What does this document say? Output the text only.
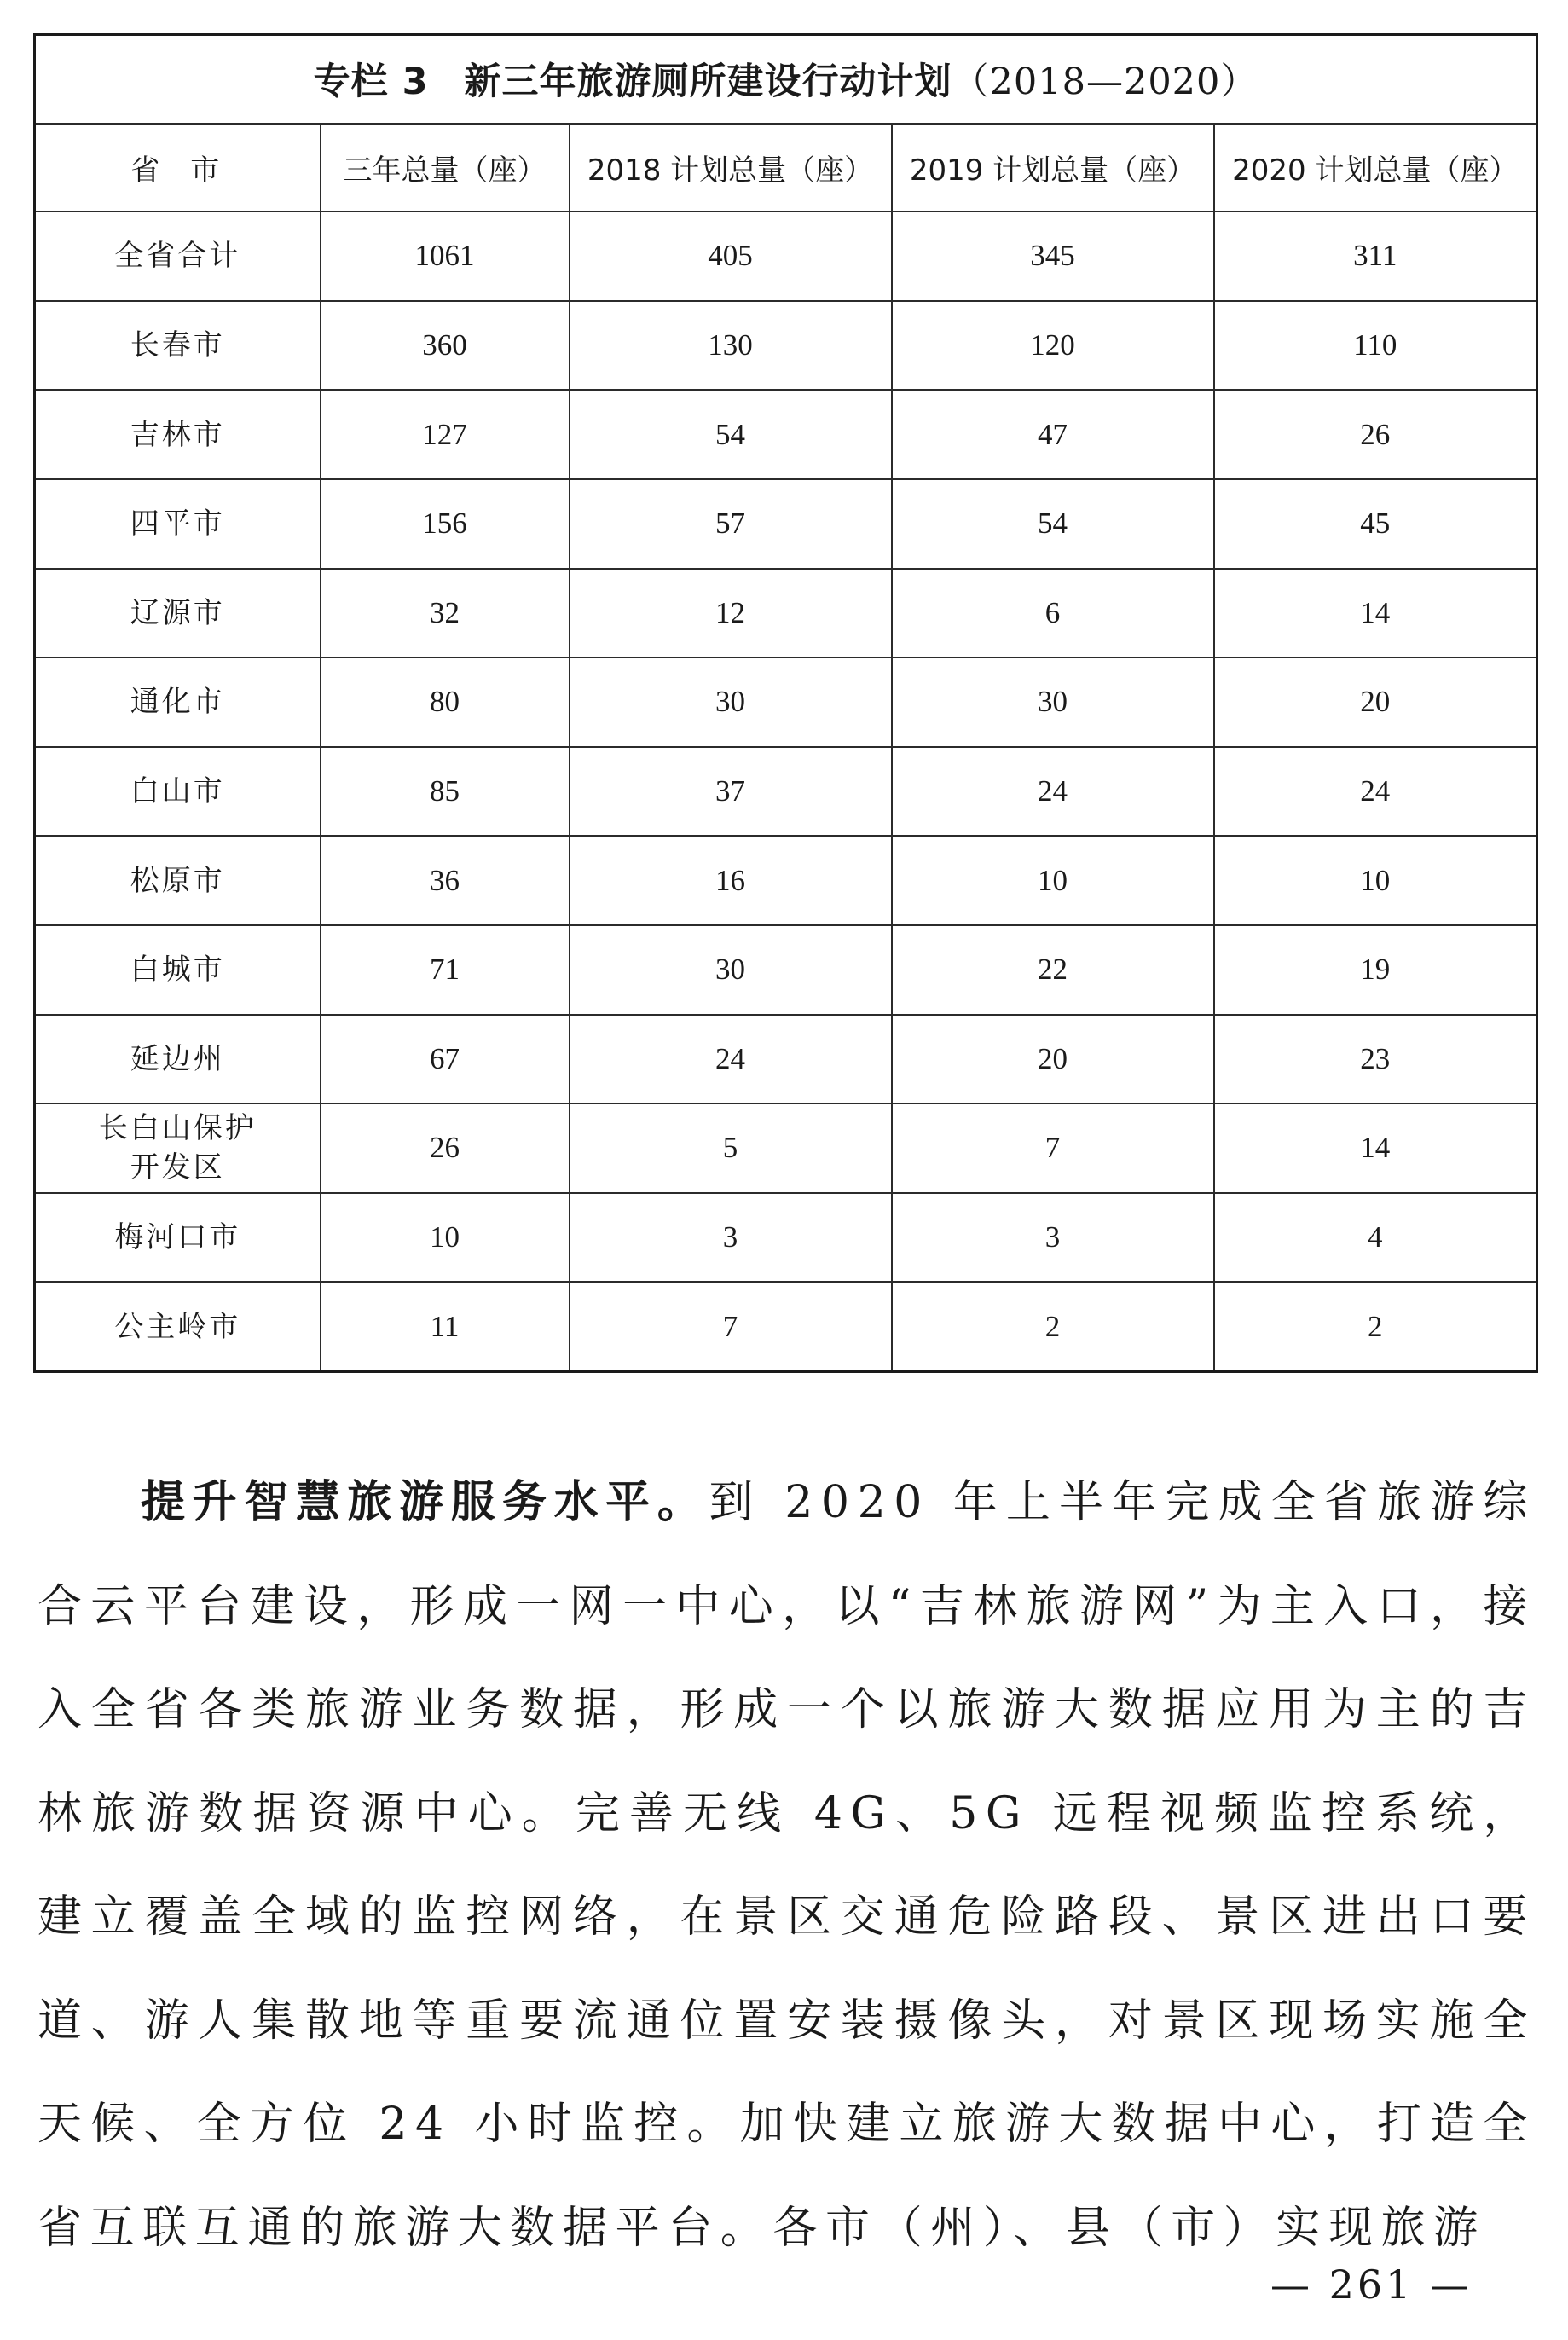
专栏 3 新三年旅游厕所建设行动计划（2018—2020）				
省市	三年总量（座）	2018 计划总量（座）	2019 计划总量（座）	2020 计划总量（座）
全省合计	1061	405	345	311
长春市	360	130	120	110
吉林市	127	54	47	26
四平市	156	57	54	45
辽源市	32	12	6	14
通化市	80	30	30	20
白山市	85	37	24	24
松原市	36	16	10	10
白城市	71	30	22	19
延边州	67	24	20	23
长白山保护
开发区	26	5	7	14
梅河口市	10	3	3	4
公主岭市	11	7	2	2

提升智慧旅游服务水平。到 2020 年上半年完成全省旅游综合云平台建设，形成一网一中心，以“吉林旅游网”为主入口，接入全省各类旅游业务数据，形成一个以旅游大数据应用为主的吉林旅游数据资源中心。完善无线 4G、5G 远程视频监控系统，建立覆盖全域的监控网络，在景区交通危险路段、景区进出口要道、游人集散地等重要流通位置安装摄像头，对景区现场实施全天候、全方位 24 小时监控。加快建立旅游大数据中心，打造全省互联互通的旅游大数据平台。各市（州）、县（市）实现旅游

— 261 —
